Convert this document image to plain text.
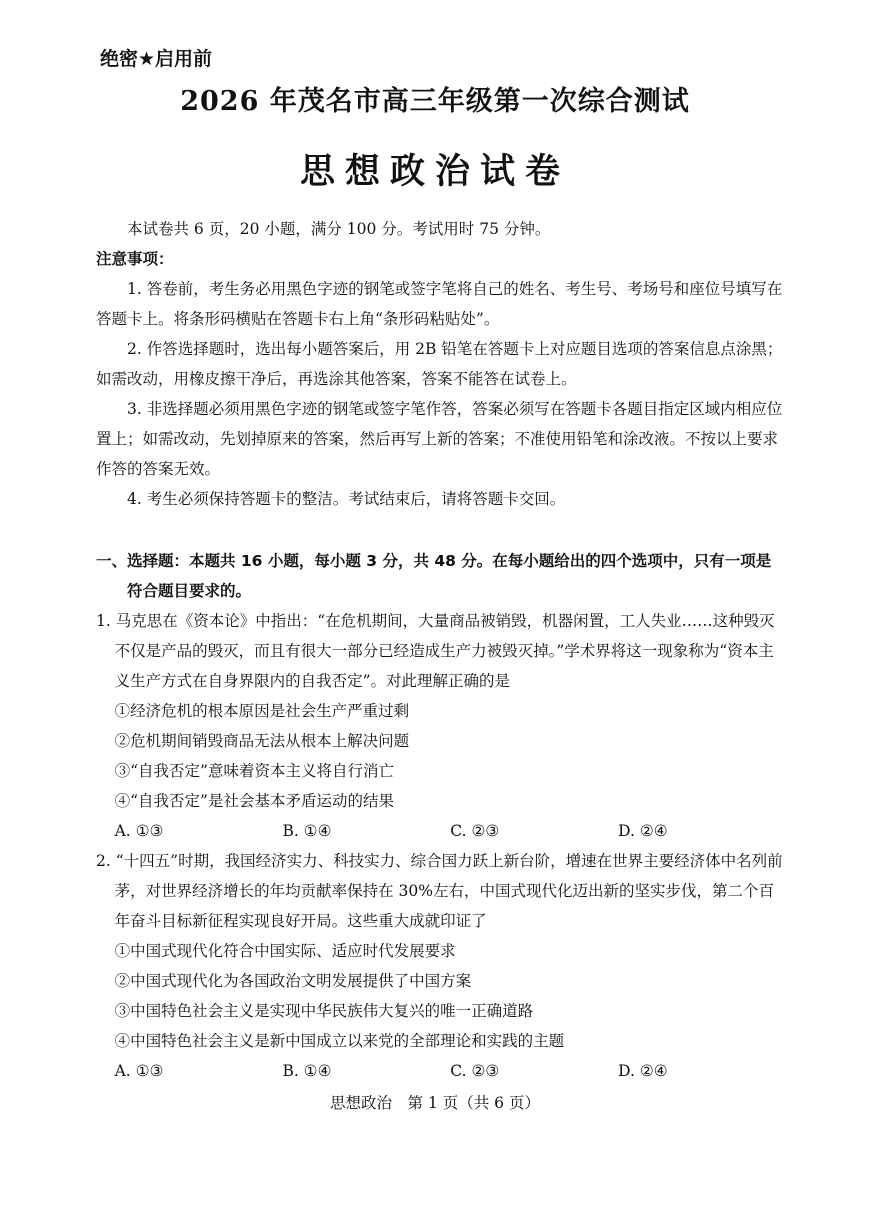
绝密★启用前
2026 年茂名市高三年级第一次综合测试
思想政治试卷
本试卷共 6 页，20 小题，满分 100 分。考试用时 75 分钟。
注意事项：
1. 答卷前，考生务必用黑色字迹的钢笔或签字笔将自己的姓名、考生号、考场号和座位号填写在答题卡上。将条形码横贴在答题卡右上角“条形码粘贴处”。
2. 作答选择题时，选出每小题答案后，用 2B 铅笔在答题卡上对应题目选项的答案信息点涂黑；如需改动，用橡皮擦干净后，再选涂其他答案，答案不能答在试卷上。
3. 非选择题必须用黑色字迹的钢笔或签字笔作答，答案必须写在答题卡各题目指定区域内相应位置上；如需改动，先划掉原来的答案，然后再写上新的答案；不准使用铅笔和涂改液。不按以上要求作答的答案无效。
4. 考生必须保持答题卡的整洁。考试结束后，请将答题卡交回。
一、选择题：本题共 16 小题，每小题 3 分，共 48 分。在每小题给出的四个选项中，只有一项是符合题目要求的。
1. 马克思在《资本论》中指出：“在危机期间，大量商品被销毁，机器闲置，工人失业……这种毁灭不仅是产品的毁灭，而且有很大一部分已经造成生产力被毁灭掉。”学术界将这一现象称为“资本主义生产方式在自身界限内的自我否定”。对此理解正确的是
①经济危机的根本原因是社会生产严重过剩
②危机期间销毁商品无法从根本上解决问题
③“自我否定”意味着资本主义将自行消亡
④“自我否定”是社会基本矛盾运动的结果
A. ①③	B. ①④	C. ②③	D. ②④
2. “十四五”时期，我国经济实力、科技实力、综合国力跃上新台阶，增速在世界主要经济体中名列前茅，对世界经济增长的年均贡献率保持在 30%左右，中国式现代化迈出新的坚实步伐，第二个百年奋斗目标新征程实现良好开局。这些重大成就印证了
①中国式现代化符合中国实际、适应时代发展要求
②中国式现代化为各国政治文明发展提供了中国方案
③中国特色社会主义是实现中华民族伟大复兴的唯一正确道路
④中国特色社会主义是新中国成立以来党的全部理论和实践的主题
A. ①③	B. ①④	C. ②③	D. ②④
思想政治　第 1 页（共 6 页）
